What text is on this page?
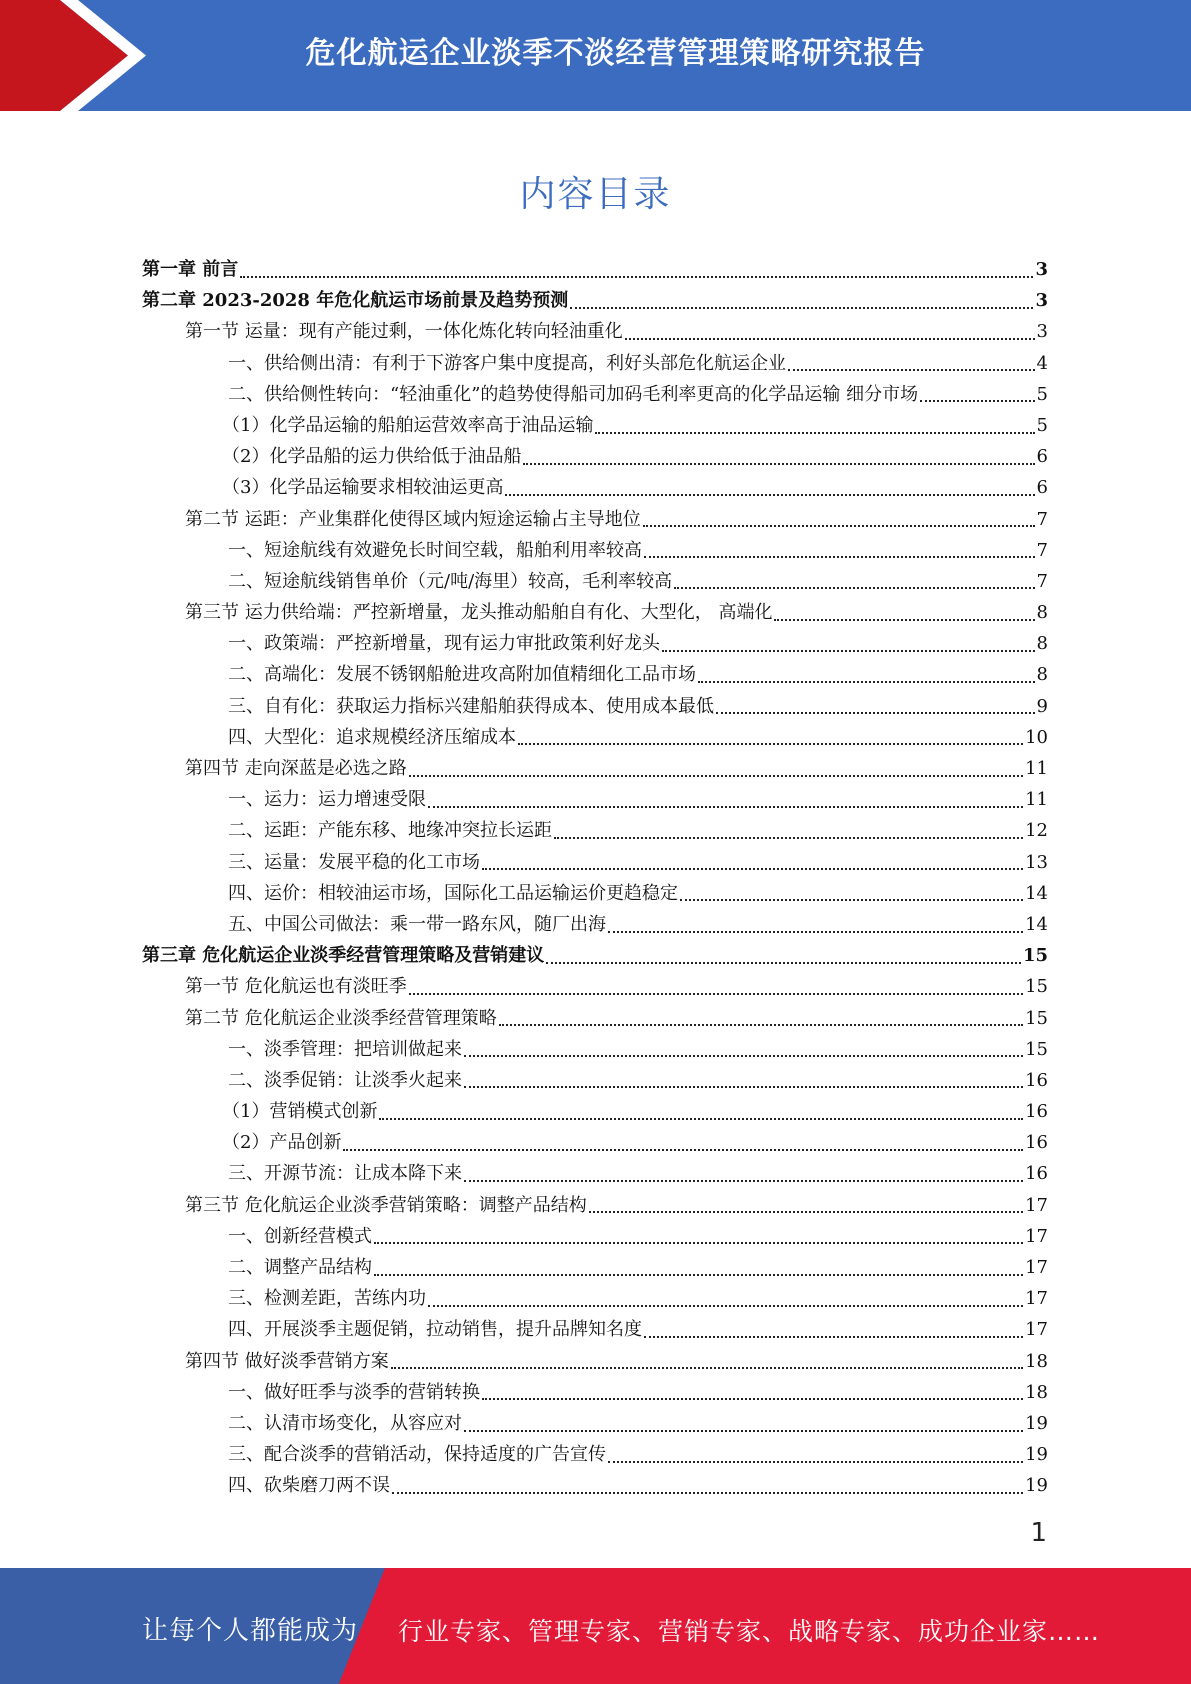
危化航运企业淡季不淡经营管理策略研究报告
内容目录
第一章 前言	3
第二章 2023-2028 年危化航运市场前景及趋势预测	3
第一节 运量：现有产能过剩，一体化炼化转向轻油重化	3
一、供给侧出清：有利于下游客户集中度提高，利好头部危化航运企业	4
二、供给侧性转向：“轻油重化”的趋势使得船司加码毛利率更高的化学品运输 细分市场	5
（1）化学品运输的船舶运营效率高于油品运输	5
（2）化学品船的运力供给低于油品船	6
（3）化学品运输要求相较油运更高	6
第二节 运距：产业集群化使得区域内短途运输占主导地位	7
一、短途航线有效避免长时间空载，船舶利用率较高	7
二、短途航线销售单价（元/吨/海里）较高，毛利率较高	7
第三节 运力供给端：严控新增量，龙头推动船舶自有化、大型化， 高端化	8
一、政策端：严控新增量，现有运力审批政策利好龙头	8
二、高端化：发展不锈钢船舱进攻高附加值精细化工品市场	8
三、自有化：获取运力指标兴建船舶获得成本、使用成本最低	9
四、大型化：追求规模经济压缩成本	10
第四节 走向深蓝是必选之路	11
一、运力：运力增速受限	11
二、运距：产能东移、地缘冲突拉长运距	12
三、运量：发展平稳的化工市场	13
四、运价：相较油运市场，国际化工品运输运价更趋稳定	14
五、中国公司做法：乘一带一路东风，随厂出海	14
第三章 危化航运企业淡季经营管理策略及营销建议	15
第一节 危化航运也有淡旺季	15
第二节 危化航运企业淡季经营管理策略	15
一、淡季管理：把培训做起来	15
二、淡季促销：让淡季火起来	16
（1）营销模式创新	16
（2）产品创新	16
三、开源节流：让成本降下来	16
第三节 危化航运企业淡季营销策略：调整产品结构	17
一、创新经营模式	17
二、调整产品结构	17
三、检测差距，苦练内功	17
四、开展淡季主题促销，拉动销售，提升品牌知名度	17
第四节 做好淡季营销方案	18
一、做好旺季与淡季的营销转换	18
二、认清市场变化，从容应对	19
三、配合淡季的营销活动，保持适度的广告宣传	19
四、砍柴磨刀两不误	19
1
让每个人都能成为 行业专家、管理专家、营销专家、战略专家、成功企业家……
